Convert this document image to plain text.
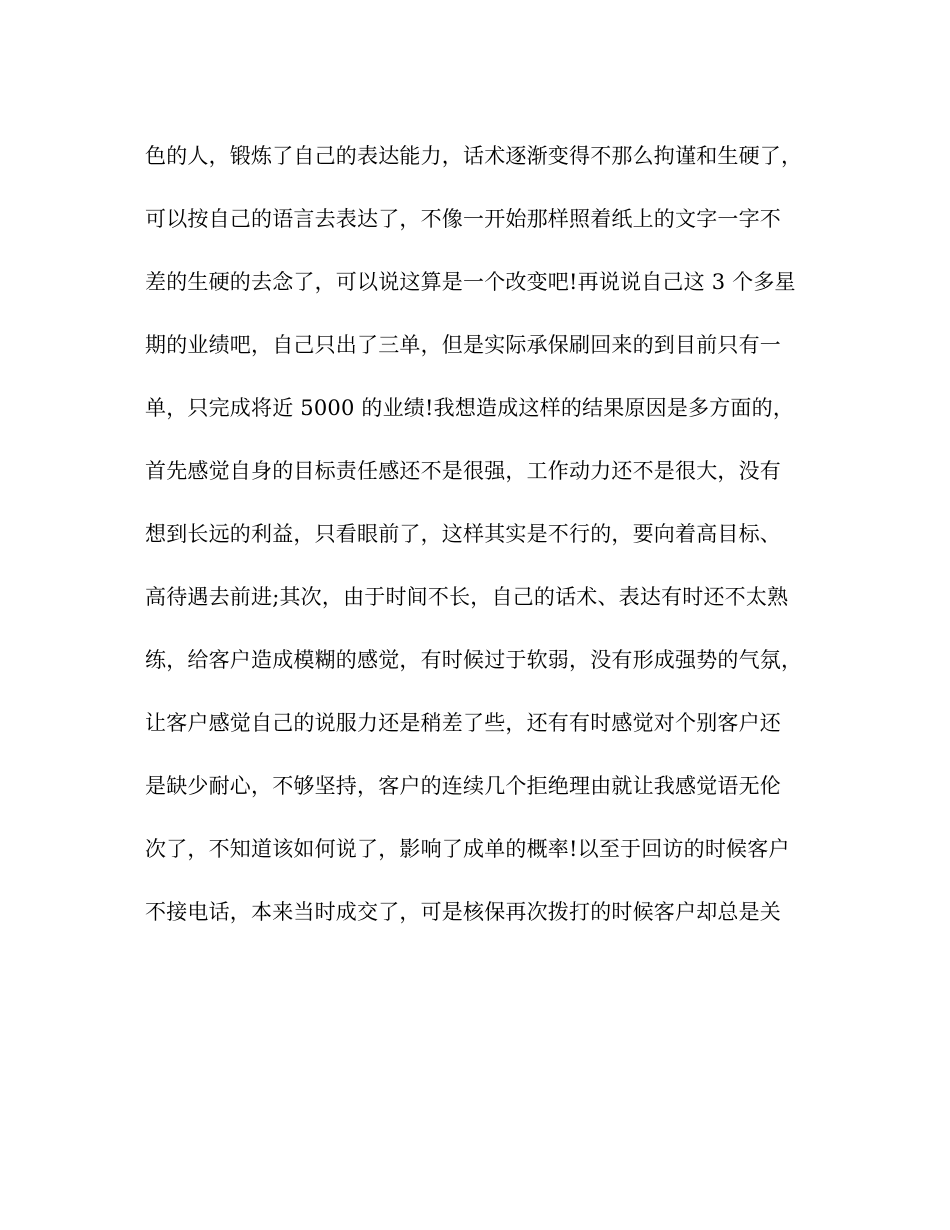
色的人，锻炼了自己的表达能力，话术逐渐变得不那么拘谨和生硬了，
可以按自己的语言去表达了，不像一开始那样照着纸上的文字一字不
差的生硬的去念了，可以说这算是一个改变吧!再说说自己这 3 个多星
期的业绩吧，自己只出了三单，但是实际承保刷回来的到目前只有一
单，只完成将近 5000 的业绩!我想造成这样的结果原因是多方面的，
首先感觉自身的目标责任感还不是很强，工作动力还不是很大，没有
想到长远的利益，只看眼前了，这样其实是不行的，要向着高目标、
高待遇去前进;其次，由于时间不长，自己的话术、表达有时还不太熟
练，给客户造成模糊的感觉，有时候过于软弱，没有形成强势的气氛，
让客户感觉自己的说服力还是稍差了些，还有有时感觉对个别客户还
是缺少耐心，不够坚持，客户的连续几个拒绝理由就让我感觉语无伦
次了，不知道该如何说了，影响了成单的概率!以至于回访的时候客户
不接电话，本来当时成交了，可是核保再次拨打的时候客户却总是关
